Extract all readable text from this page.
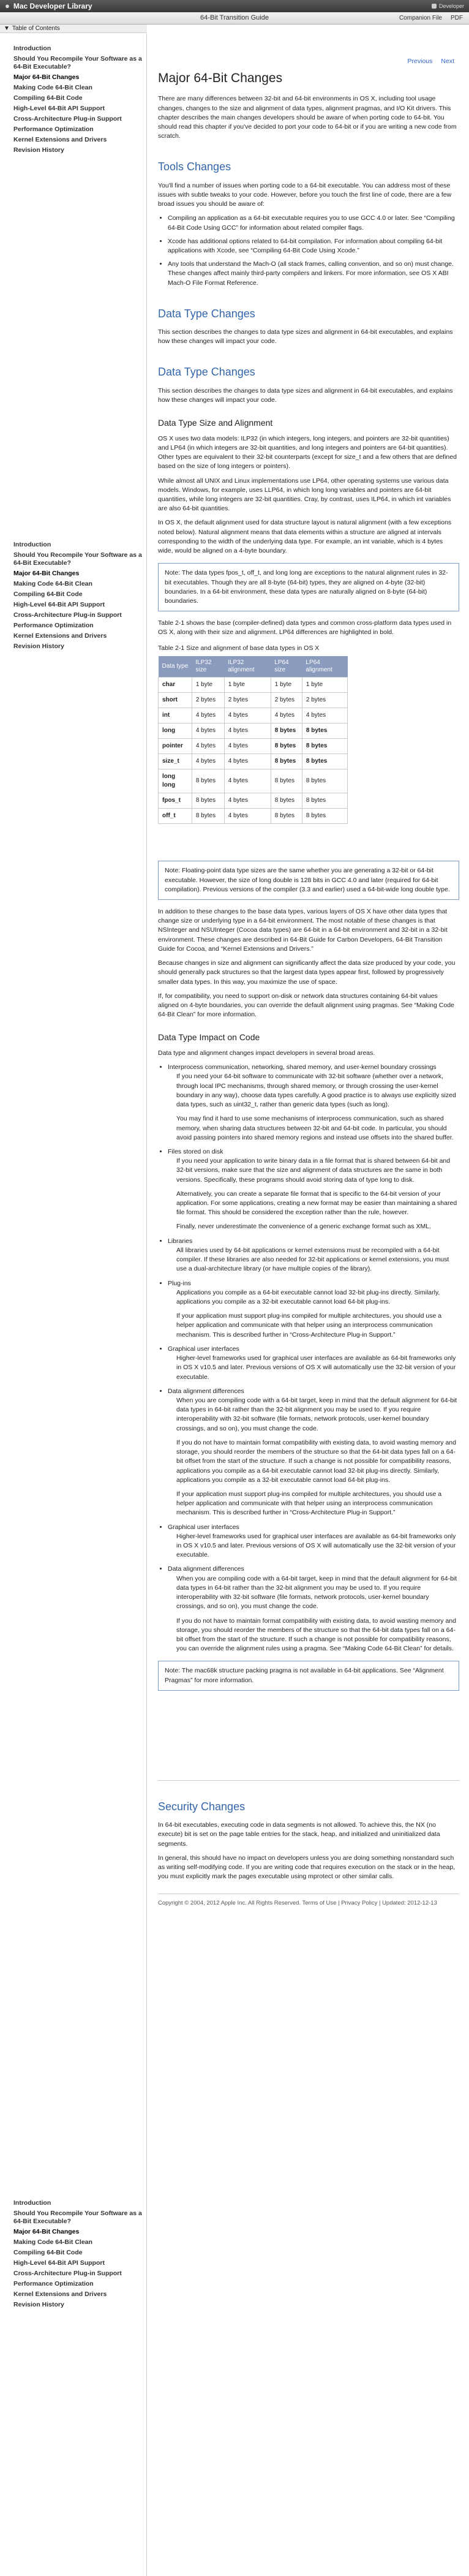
● Mac Developer Library	Developer
64-Bit Transition Guide	Companion File PDF
▼ Table of Contents
Introduction
Should You Recompile Your Software as a 64-Bit Executable?
Major 64-Bit Changes
Making Code 64-Bit Clean
Compiling 64-Bit Code
High-Level 64-Bit API Support
Cross-Architecture Plug-in Support
Performance Optimization
Kernel Extensions and Drivers
Revision History
Introduction
Should You Recompile Your Software as a 64-Bit Executable?
Major 64-Bit Changes
Making Code 64-Bit Clean
Compiling 64-Bit Code
High-Level 64-Bit API Support
Cross-Architecture Plug-in Support
Performance Optimization
Kernel Extensions and Drivers
Revision History
Introduction
Should You Recompile Your Software as a 64-Bit Executable?
Major 64-Bit Changes
Making Code 64-Bit Clean
Compiling 64-Bit Code
High-Level 64-Bit API Support
Cross-Architecture Plug-in Support
Performance Optimization
Kernel Extensions and Drivers
Revision History
Previous Next
Major 64-Bit Changes

There are many differences between 32-bit and 64-bit environments in OS X, including tool usage changes, changes to the size and alignment of data types, alignment pragmas, and I/O Kit drivers. This chapter describes the main changes developers should be aware of when porting code to 64-bit. You should read this chapter if you've decided to port your code to 64-bit or if you are writing a new code from scratch.

Tools Changes

You'll find a number of issues when porting code to a 64-bit executable. You can address most of these issues with subtle tweaks to your code. However, before you touch the first line of code, there are a few broad issues you should be aware of:

• Compiling an application as a 64-bit executable requires you to use GCC 4.0 or later. See “Compiling 64-Bit Code Using GCC” for information about related compiler flags.
• Xcode has additional options related to 64-bit compilation. For information about compiling 64-bit applications with Xcode, see “Compiling 64-Bit Code Using Xcode.”
• Any tools that understand the Mach-O (all stack frames, calling convention, and so on) must change. These changes affect mainly third-party compilers and linkers. For more information, see OS X ABI Mach-O File Format Reference.
Data Type Changes

This section describes the changes to data type sizes and alignment in 64-bit executables, and explains how these changes will impact your code.

Data Type Changes

This section describes the changes to data type sizes and alignment in 64-bit executables, and explains how these changes will impact your code.

Data Type Size and Alignment

OS X uses two data models: ILP32 (in which integers, long integers, and pointers are 32-bit quantities) and LP64 (in which integers are 32-bit quantities, and long integers and pointers are 64-bit quantities). Other types are equivalent to their 32-bit counterparts (except for size_t and a few others that are defined based on the size of long integers or pointers).

While almost all UNIX and Linux implementations use LP64, other operating systems use various data models. Windows, for example, uses LLP64, in which long long variables and pointers are 64-bit quantities, while long integers are 32-bit quantities. Cray, by contrast, uses ILP64, in which int variables are also 64-bit quantities.

In OS X, the default alignment used for data structure layout is natural alignment (with a few exceptions noted below). Natural alignment means that data elements within a structure are aligned at intervals corresponding to the width of the underlying data type. For example, an int variable, which is 4 bytes wide, would be aligned on a 4-byte boundary.

Note: The data types fpos_t, off_t, and long long are exceptions to the natural alignment rules in 32-bit executables. Though they are all 8-byte (64-bit) types, they are aligned on 4-byte (32-bit) boundaries. In a 64-bit environment, these data types are naturally aligned on 8-byte (64-bit) boundaries.

Table 2-1 shows the base (compiler-defined) data types and common cross-platform data types used in OS X, along with their size and alignment. LP64 differences are highlighted in bold.

Table 2-1 Size and alignment of base data types in OS X
Data type	ILP32 size	ILP32 alignment	LP64 size	LP64 alignment
char	1 byte	1 byte	1 byte	1 byte
short	2 bytes	2 bytes	2 bytes	2 bytes
int	4 bytes	4 bytes	4 bytes	4 bytes
long	4 bytes	4 bytes	8 bytes	8 bytes
pointer	4 bytes	4 bytes	8 bytes	8 bytes
size_t	4 bytes	4 bytes	8 bytes	8 bytes
long long	8 bytes	4 bytes	8 bytes	8 bytes
fpos_t	8 bytes	4 bytes	8 bytes	8 bytes
off_t	8 bytes	4 bytes	8 bytes	8 bytes

Note: Floating-point data type sizes are the same whether you are generating a 32-bit or 64-bit executable. However, the size of long double is 128 bits in GCC 4.0 and later (required for 64-bit compilation). Previous versions of the compiler (3.3 and earlier) used a 64-bit-wide long double type.

In addition to these changes to the base data types, various layers of OS X have other data types that change size or underlying type in a 64-bit environment. The most notable of these changes is that NSInteger and NSUInteger (Cocoa data types) are 64-bit in a 64-bit environment and 32-bit in a 32-bit environment. These changes are described in 64-Bit Guide for Carbon Developers, 64-Bit Transition Guide for Cocoa, and “Kernel Extensions and Drivers.”

Because changes in size and alignment can significantly affect the data size produced by your code, you should generally pack structures so that the largest data types appear first, followed by progressively smaller data types. In this way, you maximize the use of space.

If, for compatibility, you need to support on-disk or network data structures containing 64-bit values aligned on 4-byte boundaries, you can override the default alignment using pragmas. See “Making Code 64-Bit Clean” for more information.

Data Type Impact on Code

Data type and alignment changes impact developers in several broad areas.

• Interprocess communication, networking, shared memory, and user-kernel boundary crossings

If you need your 64-bit software to communicate with 32-bit software (whether over a network, through local IPC mechanisms, through shared memory, or through crossing the user-kernel boundary in any way), choose data types carefully. A good practice is to always use explicitly sized data types, such as uint32_t, rather than generic data types (such as long).

You may find it hard to use some mechanisms of interprocess communication, such as shared memory, when sharing data structures between 32-bit and 64-bit code. In particular, you should avoid passing pointers into shared memory regions and instead use offsets into the shared buffer.

• Files stored on disk

If you need your application to write binary data in a file format that is shared between 64-bit and 32-bit versions, make sure that the size and alignment of data structures are the same in both versions. Specifically, these programs should avoid storing data of type long to disk.

Alternatively, you can create a separate file format that is specific to the 64-bit version of your application. For some applications, creating a new format may be easier than maintaining a shared file format. This should be considered the exception rather than the rule, however.

Finally, never underestimate the convenience of a generic exchange format such as XML.

• Libraries

All libraries used by 64-bit applications or kernel extensions must be recompiled with a 64-bit compiler. If these libraries are also needed for 32-bit applications or kernel extensions, you must use a dual-architecture library (or have multiple copies of the library).

• Plug-ins

Applications you compile as a 64-bit executable cannot load 32-bit plug-ins directly. Similarly, applications you compile as a 32-bit executable cannot load 64-bit plug-ins.

If your application must support plug-ins compiled for multiple architectures, you should use a helper application and communicate with that helper using an interprocess communication mechanism. This is described further in “Cross-Architecture Plug-in Support.”

• Graphical user interfaces

Higher-level frameworks used for graphical user interfaces are available as 64-bit frameworks only in OS X v10.5 and later. Previous versions of OS X will automatically use the 32-bit version of your executable.

• Data alignment differences

When you are compiling code with a 64-bit target, keep in mind that the default alignment for 64-bit data types in 64-bit rather than the 32-bit alignment you may be used to. If you require interoperability with 32-bit software (file formats, network protocols, user-kernel boundary crossings, and so on), you must change the code.

If you do not have to maintain format compatibility with existing data, to avoid wasting memory and storage, you should reorder the members of the structure so that the 64-bit data types fall on a 64-bit offset from the start of the structure. If such a change is not possible for compatibility reasons, applications you compile as a 64-bit executable cannot load 32-bit plug-ins directly. Similarly, applications you compile as a 32-bit executable cannot load 64-bit plug-ins.

If your application must support plug-ins compiled for multiple architectures, you should use a helper application and communicate with that helper using an interprocess communication mechanism. This is described further in “Cross-Architecture Plug-in Support.”

• Graphical user interfaces

Higher-level frameworks used for graphical user interfaces are available as 64-bit frameworks only in OS X v10.5 and later. Previous versions of OS X will automatically use the 32-bit version of your executable.

• Data alignment differences

When you are compiling code with a 64-bit target, keep in mind that the default alignment for 64-bit data types in 64-bit rather than the 32-bit alignment you may be used to. If you require interoperability with 32-bit software (file formats, network protocols, user-kernel boundary crossings, and so on), you must change the code.

If you do not have to maintain format compatibility with existing data, to avoid wasting memory and storage, you should reorder the members of the structure so that the 64-bit data types fall on a 64-bit offset from the start of the structure. If such a change is not possible for compatibility reasons, you can override the alignment rules using a pragma. See “Making Code 64-Bit Clean” for details.

Note: The mac68k structure packing pragma is not available in 64-bit applications. See “Alignment Pragmas” for more information.

Security Changes

In 64-bit executables, executing code in data segments is not allowed. To achieve this, the NX (no execute) bit is set on the page table entries for the stack, heap, and initialized and uninitialized data segments.

In general, this should have no impact on developers unless you are doing something nonstandard such as writing self-modifying code. If you are writing code that requires execution on the stack or in the heap, you must explicitly mark the pages executable using mprotect or other similar calls.

Copyright © 2004, 2012 Apple Inc. All Rights Reserved. Terms of Use | Privacy Policy | Updated: 2012-12-13
